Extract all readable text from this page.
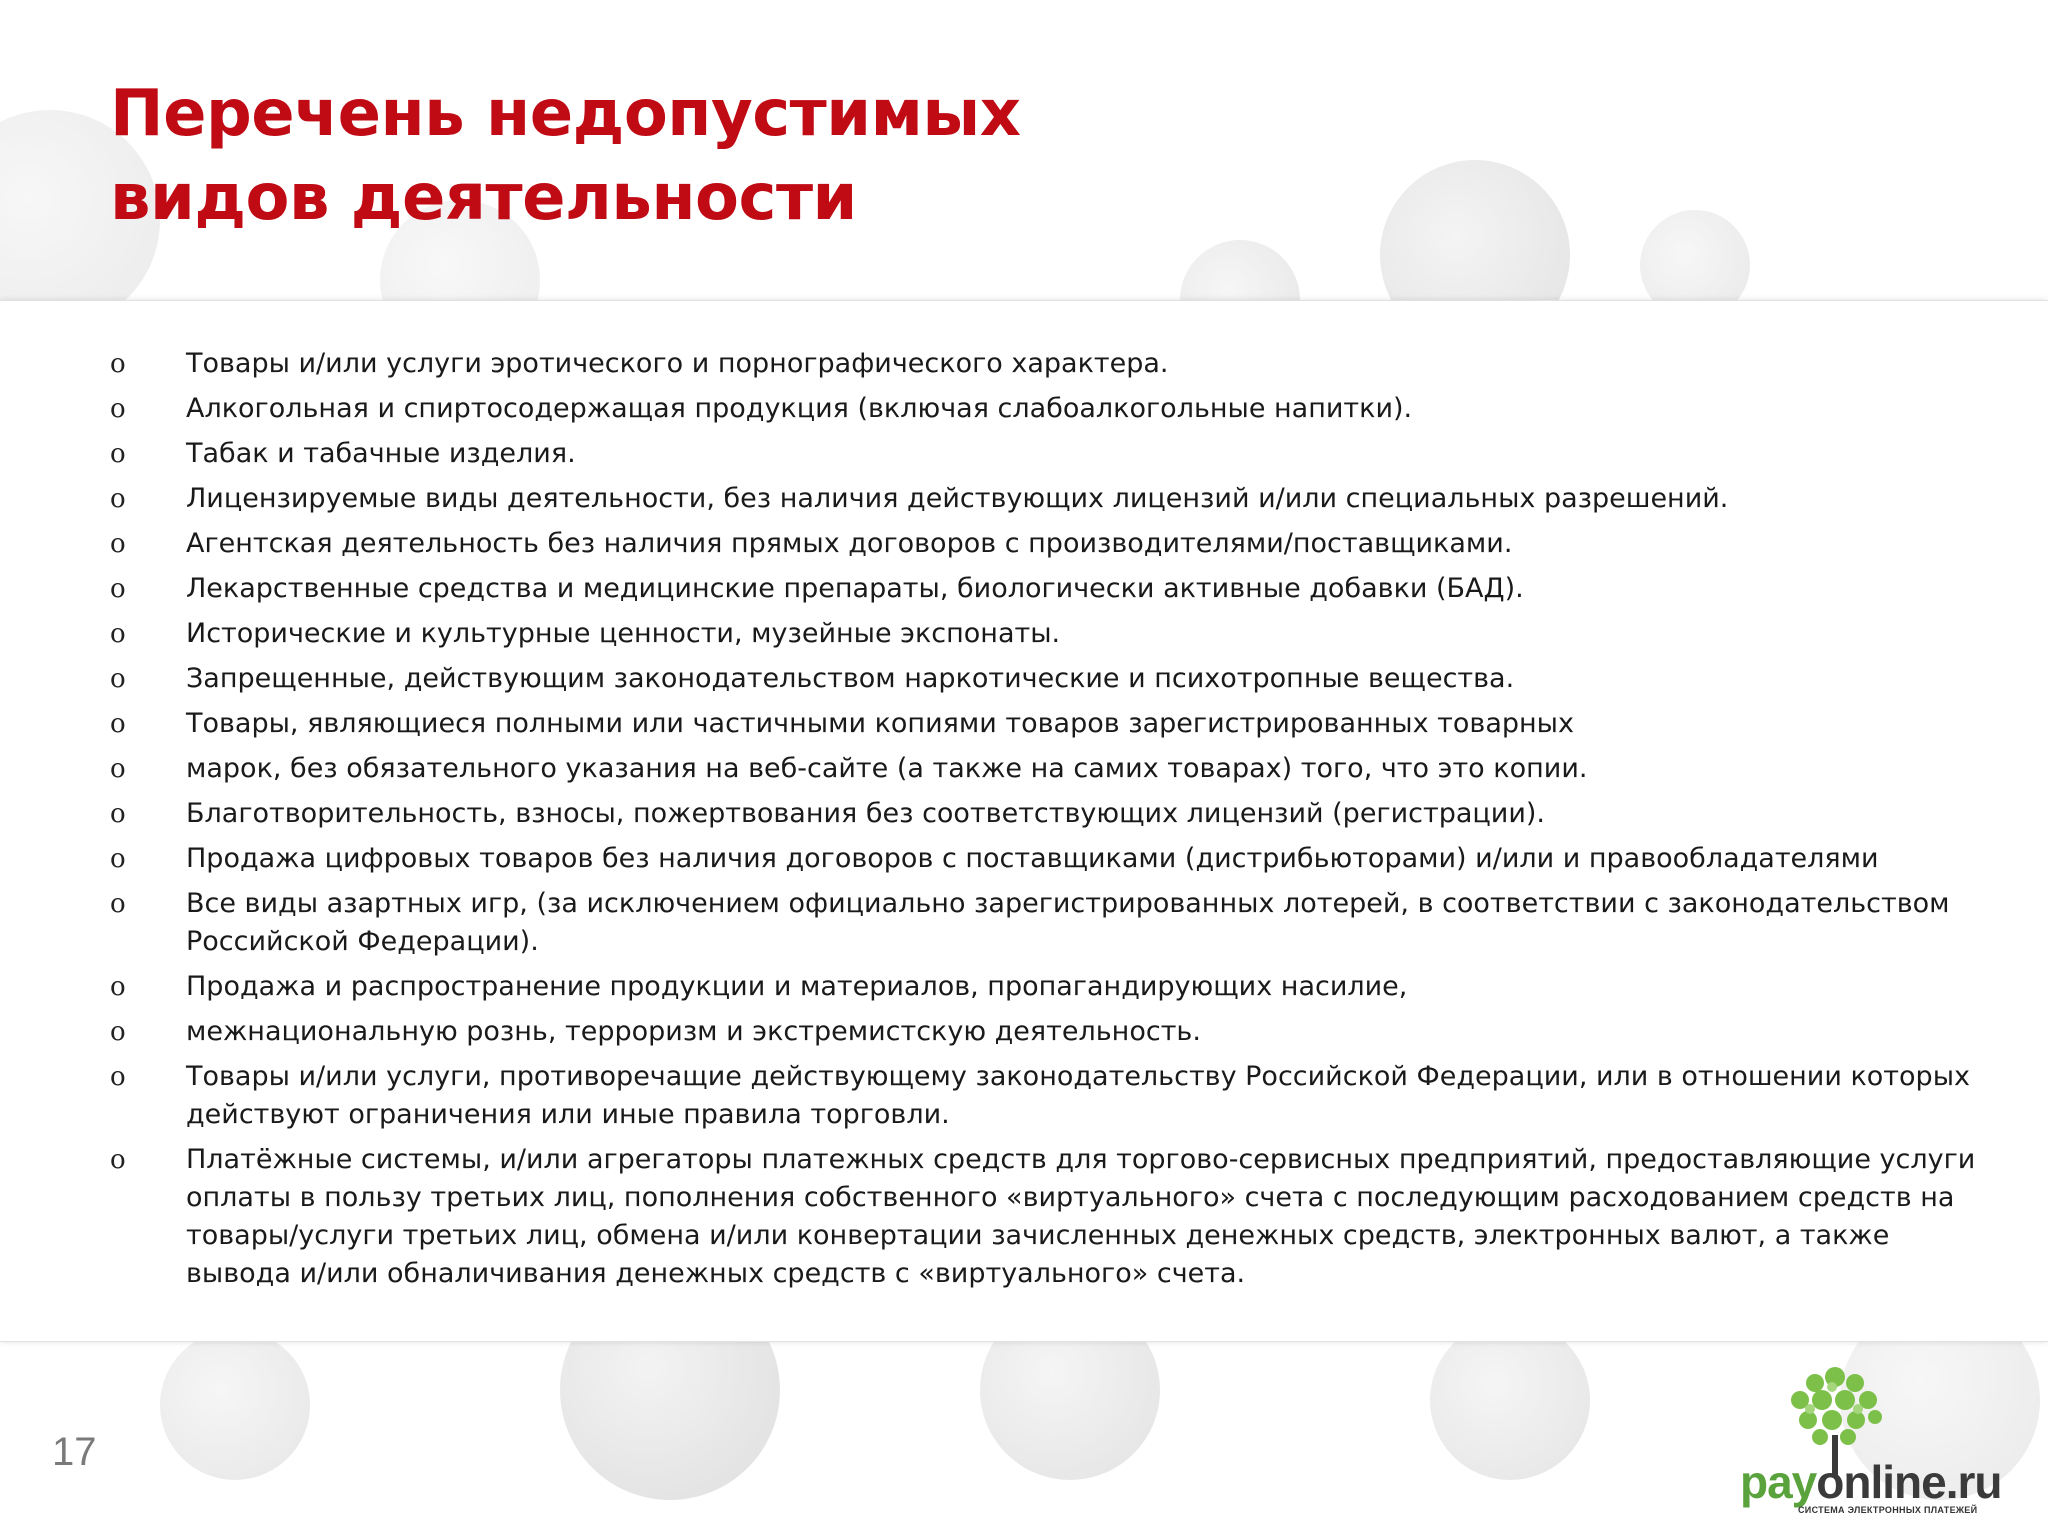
Перечень недопустимых
видов деятельности
o	Товары и/или услуги эротического и порнографического характера.
o	Алкогольная и спиртосодержащая продукция (включая слабоалкогольные напитки).
o	Табак и табачные изделия.
o	Лицензируемые виды деятельности, без наличия действующих лицензий и/или специальных разрешений.
o	Агентская деятельность без наличия прямых договоров с производителями/поставщиками.
o	Лекарственные средства и медицинские препараты, биологически активные добавки (БАД).
o	Исторические и культурные ценности, музейные экспонаты.
o	Запрещенные, действующим законодательством наркотические и психотропные вещества.
o	Товары, являющиеся полными или частичными копиями товаров зарегистрированных товарных
o	марок, без обязательного указания на веб-сайте (а также на самих товарах) того, что это копии.
o	Благотворительность, взносы, пожертвования без соответствующих лицензий (регистрации).
o	Продажа цифровых товаров без наличия договоров с поставщиками (дистрибьюторами) и/или и правообладателями
o	Все виды азартных игр, (за исключением официально зарегистрированных лотерей, в соответствии с законодательством Российской Федерации).
o	Продажа и распространение продукции и материалов, пропагандирующих насилие,
o	межнациональную рознь, терроризм и экстремистскую деятельность.
o	Товары и/или услуги, противоречащие действующему законодательству Российской Федерации, или в отношении которых действуют ограничения или иные правила торговли.
o	Платёжные системы, и/или агрегаторы платежных средств для торгово-сервисных предприятий, предоставляющие услуги оплаты в пользу третьих лиц, пополнения собственного «виртуального» счета с последующим расходованием средств на товары/услуги третьих лиц, обмена и/или конвертации зачисленных денежных средств, электронных валют, а также вывода и/или обналичивания денежных средств с «виртуального» счета.
17
payonline.ru
СИСТЕМА ЭЛЕКТРОННЫХ ПЛАТЕЖЕЙ
